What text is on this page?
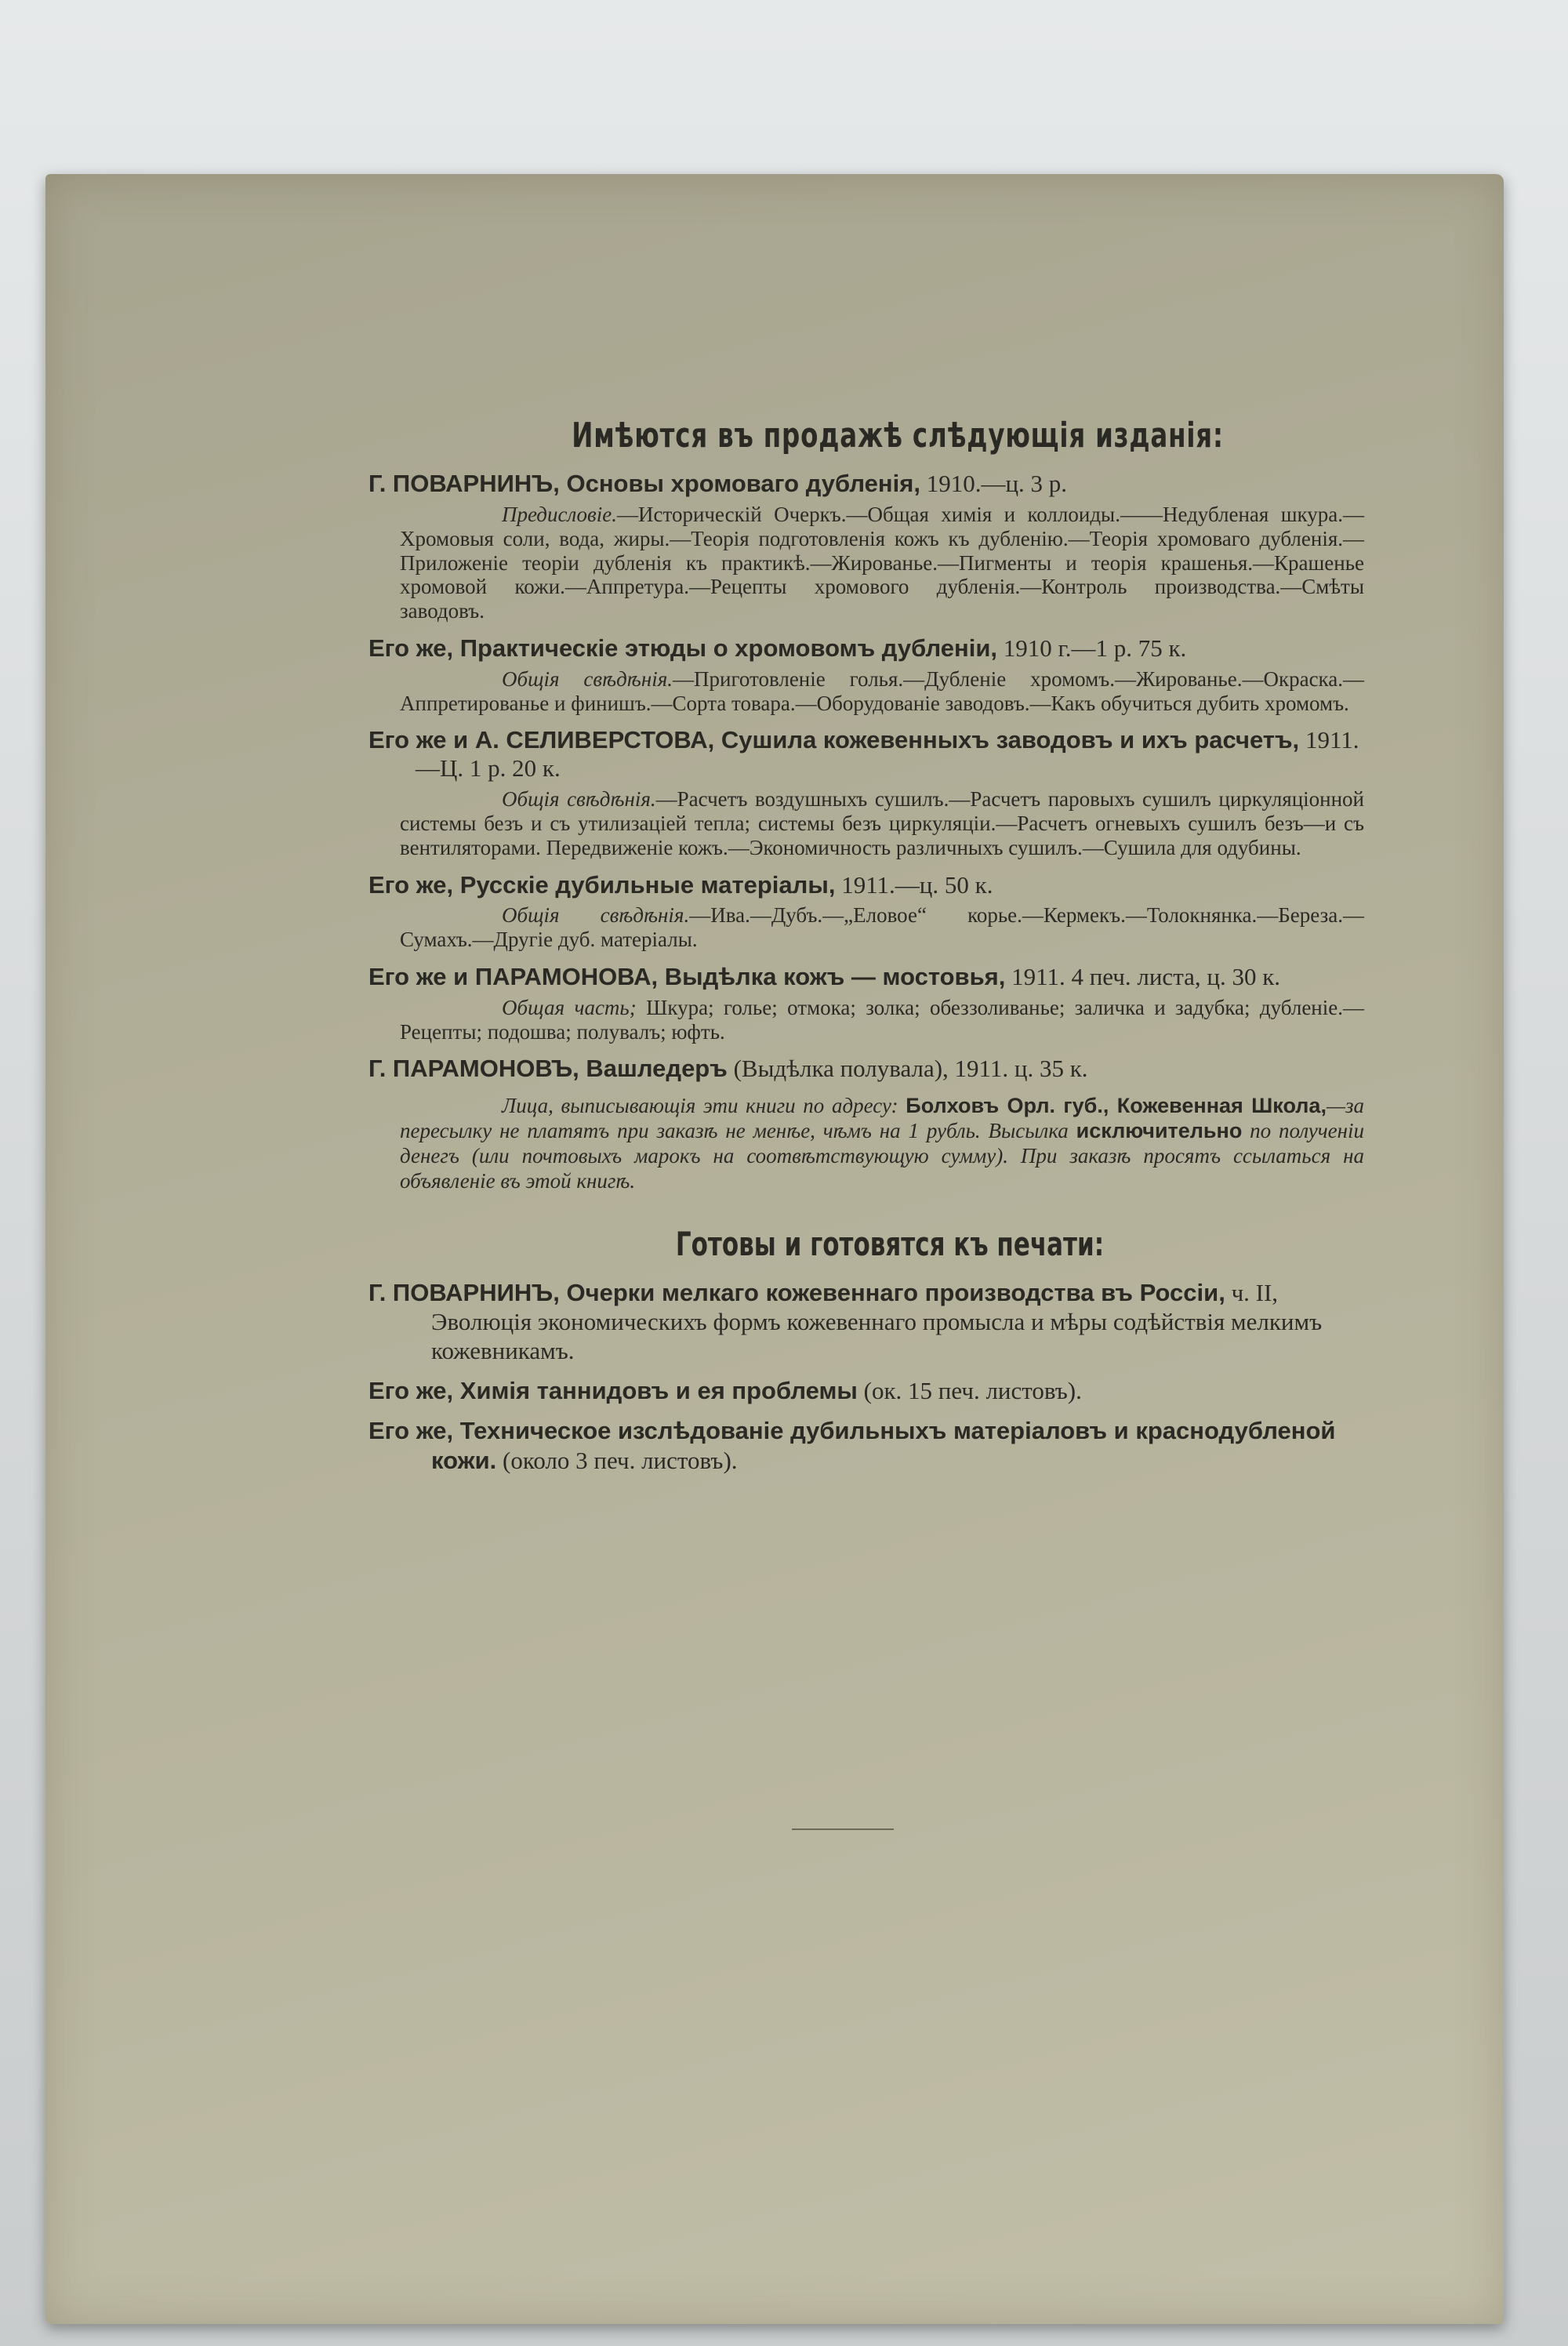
Имѣются въ продажѣ слѣдующія изданія:
Г. ПОВАРНИНЪ, Основы хромоваго дубленія, 1910.—ц. 3 р.
Предисловіе.—Историческій Очеркъ.—Общая химія и коллоиды.——Недубленая шкура.—Хромовыя соли, вода, жиры.—Теорія подготовленія кожъ къ дубленію.—Теорія хромоваго дубленія.—Приложеніе теоріи дубленія къ практикѣ.—Жированье.—Пигменты и теорія крашенья.—Крашенье хромовой кожи.—Аппретура.—Рецепты хромового дубленія.—Контроль производства.—Смѣты заводовъ.
Его же, Практическіе этюды о хромовомъ дубленіи, 1910 г.—1 р. 75 к.
Общія свѣдѣнія.—Приготовленіе голья.—Дубленіе хромомъ.—Жированье.—Окраска.—Аппретированье и финишъ.—Сорта товара.—Оборудованіе заводовъ.—Какъ обучиться дубить хромомъ.
Его же и А. СЕЛИВЕРСТОВА, Сушила кожевенныхъ заводовъ и ихъ расчетъ, 1911.—Ц. 1 р. 20 к.
Общія свѣдѣнія.—Расчетъ воздушныхъ сушилъ.—Расчетъ паровыхъ сушилъ циркуляціонной системы безъ и съ утилизаціей тепла; системы безъ циркуляціи.—Расчетъ огневыхъ сушилъ безъ—и съ вентиляторами. Передвиженіе кожъ.—Экономичность различныхъ сушилъ.—Сушила для одубины.
Его же, Русскіе дубильные матеріалы, 1911.—ц. 50 к.
Общія свѣдѣнія.—Ива.—Дубъ.—„Еловое“ корье.—Кермекъ.—Толокнянка.—Береза.—Сумахъ.—Другіе дуб. матеріалы.
Его же и ПАРАМОНОВА, Выдѣлка кожъ — мостовья, 1911. 4 печ. листа, ц. 30 к.
Общая часть; Шкура; голье; отмока; золка; обеззоливанье; заличка и задубка; дубленіе.—Рецепты; подошва; полувалъ; юфть.
Г. ПАРАМОНОВЪ, Вашледеръ (Выдѣлка полувала), 1911. ц. 35 к.
Лица, выписывающія эти книги по адресу: Болховъ Орл. губ., Кожевенная Школа,—за пересылку не платятъ при заказѣ не менѣе, чѣмъ на 1 рубль. Высылка исключительно по полученіи денегъ (или почтовыхъ марокъ на соотвѣтствующую сумму). При заказѣ просятъ ссылаться на объявленіе въ этой книгѣ.
Готовы и готовятся къ печати:
Г. ПОВАРНИНЪ, Очерки мелкаго кожевеннаго производства въ Россіи, ч. II, Эволюція экономическихъ формъ кожевеннаго промысла и мѣры содѣйствія мелкимъ кожевникамъ.
Его же, Химія таннидовъ и ея проблемы (ок. 15 печ. листовъ).
Его же, Техническое изслѣдованіе дубильныхъ матеріаловъ и краснодубленой кожи. (около 3 печ. листовъ).
